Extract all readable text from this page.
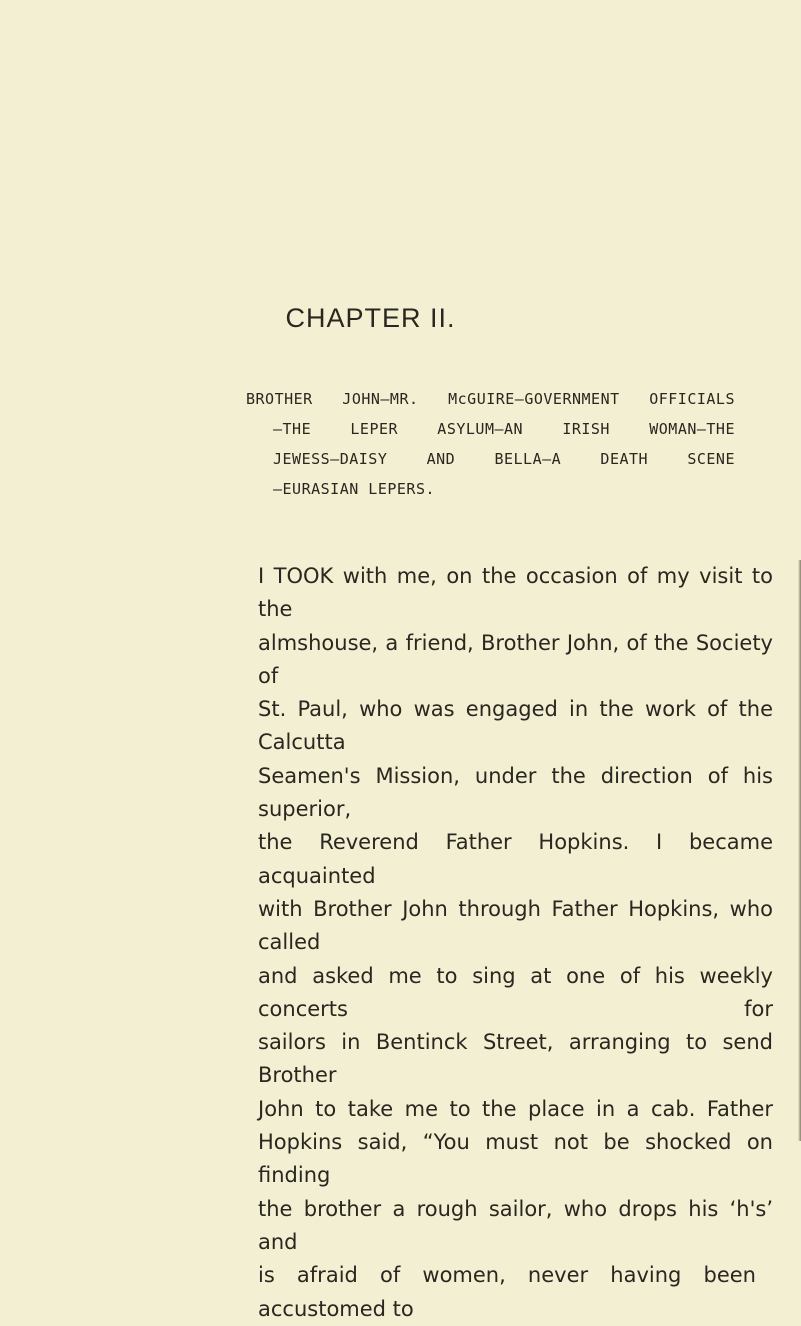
CHAPTER II.
BROTHER JOHN—MR. McGUIRE—GOVERNMENT OFFICIALS
—THE LEPER ASYLUM—AN IRISH WOMAN—THE
JEWESS—DAISY AND BELLA—A DEATH SCENE
—EURASIAN LEPERS.
I TOOK with me, on the occasion of my visit to the
almshouse, a friend, Brother John, of the Society of
St. Paul, who was engaged in the work of the Calcutta
Seamen's Mission, under the direction of his superior,
the Reverend Father Hopkins. I became acquainted
with Brother John through Father Hopkins, who called
and asked me to sing at one of his weekly concerts for
sailors in Bentinck Street, arranging to send Brother
John to take me to the place in a cab. Father
Hopkins said, “You must not be shocked on finding
the brother a rough sailor, who drops his ‘h's’ and
is afraid of women, never having been accustomed to
